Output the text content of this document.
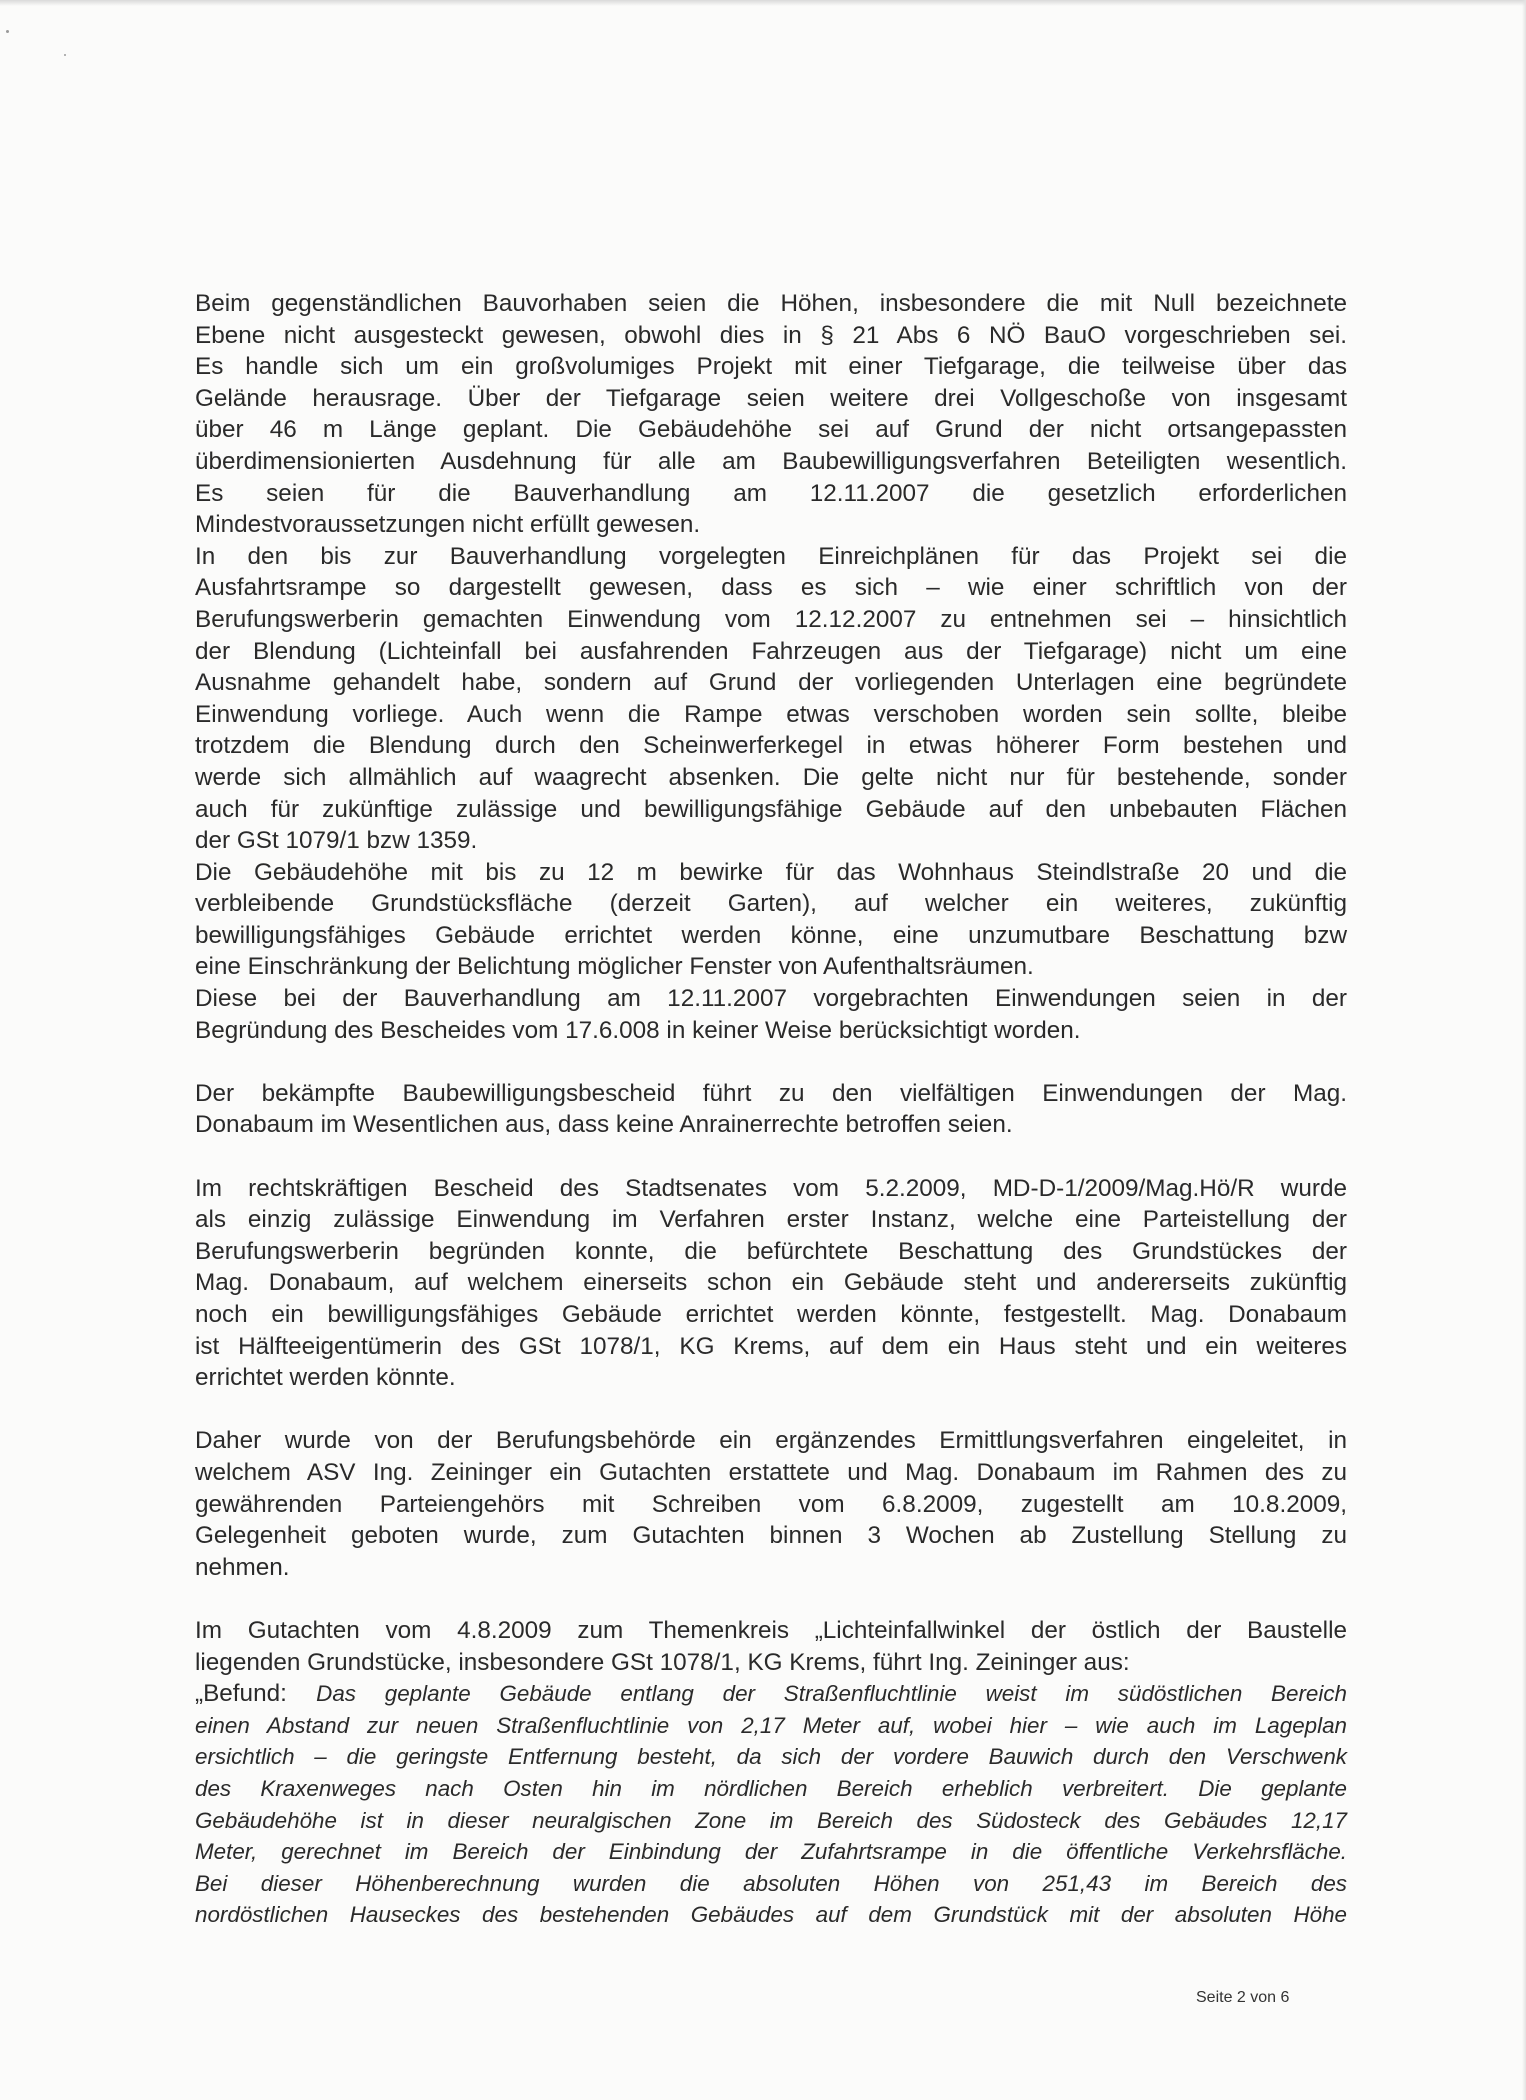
Beim gegenständlichen Bauvorhaben seien die Höhen, insbesondere die mit Null bezeichnete
Ebene nicht ausgesteckt gewesen, obwohl dies in § 21 Abs 6 NÖ BauO vorgeschrieben sei.
Es handle sich um ein großvolumiges Projekt mit einer Tiefgarage, die teilweise über das
Gelände herausrage. Über der Tiefgarage seien weitere drei Vollgeschoße von insgesamt
über 46 m Länge geplant. Die Gebäudehöhe sei auf Grund der nicht ortsangepassten
überdimensionierten Ausdehnung für alle am Baubewilligungsverfahren Beteiligten wesentlich.
Es seien für die Bauverhandlung am 12.11.2007 die gesetzlich erforderlichen
Mindestvoraussetzungen nicht erfüllt gewesen.
In den bis zur Bauverhandlung vorgelegten Einreichplänen für das Projekt sei die
Ausfahrtsrampe so dargestellt gewesen, dass es sich – wie einer schriftlich von der
Berufungswerberin gemachten Einwendung vom 12.12.2007 zu entnehmen sei – hinsichtlich
der Blendung (Lichteinfall bei ausfahrenden Fahrzeugen aus der Tiefgarage) nicht um eine
Ausnahme gehandelt habe, sondern auf Grund der vorliegenden Unterlagen eine begründete
Einwendung vorliege. Auch wenn die Rampe etwas verschoben worden sein sollte, bleibe
trotzdem die Blendung durch den Scheinwerferkegel in etwas höherer Form bestehen und
werde sich allmählich auf waagrecht absenken. Die gelte nicht nur für bestehende, sonder
auch für zukünftige zulässige und bewilligungsfähige Gebäude auf den unbebauten Flächen
der GSt 1079/1 bzw 1359.
Die Gebäudehöhe mit bis zu 12 m bewirke für das Wohnhaus Steindlstraße 20 und die
verbleibende Grundstücksfläche (derzeit Garten), auf welcher ein weiteres, zukünftig
bewilligungsfähiges Gebäude errichtet werden könne, eine unzumutbare Beschattung bzw
eine Einschränkung der Belichtung möglicher Fenster von Aufenthaltsräumen.
Diese bei der Bauverhandlung am 12.11.2007 vorgebrachten Einwendungen seien in der
Begründung des Bescheides vom 17.6.008 in keiner Weise berücksichtigt worden.
Der bekämpfte Baubewilligungsbescheid führt zu den vielfältigen Einwendungen der Mag.
Donabaum im Wesentlichen aus, dass keine Anrainerrechte betroffen seien.
Im rechtskräftigen Bescheid des Stadtsenates vom 5.2.2009, MD-D-1/2009/Mag.Hö/R wurde
als einzig zulässige Einwendung im Verfahren erster Instanz, welche eine Parteistellung der
Berufungswerberin begründen konnte, die befürchtete Beschattung des Grundstückes der
Mag. Donabaum, auf welchem einerseits schon ein Gebäude steht und andererseits zukünftig
noch ein bewilligungsfähiges Gebäude errichtet werden könnte, festgestellt. Mag. Donabaum
ist Hälfteeigentümerin des GSt 1078/1, KG Krems, auf dem ein Haus steht und ein weiteres
errichtet werden könnte.
Daher wurde von der Berufungsbehörde ein ergänzendes Ermittlungsverfahren eingeleitet, in
welchem ASV Ing. Zeininger ein Gutachten erstattete und Mag. Donabaum im Rahmen des zu
gewährenden Parteiengehörs mit Schreiben vom 6.8.2009, zugestellt am 10.8.2009,
Gelegenheit geboten wurde, zum Gutachten binnen 3 Wochen ab Zustellung Stellung zu
nehmen.
Im Gutachten vom 4.8.2009 zum Themenkreis „Lichteinfallwinkel der östlich der Baustelle
liegenden Grundstücke, insbesondere GSt 1078/1, KG Krems, führt Ing. Zeininger aus:
„Befund: Das geplante Gebäude entlang der Straßenfluchtlinie weist im südöstlichen Bereich
einen Abstand zur neuen Straßenfluchtlinie von 2,17 Meter auf, wobei hier – wie auch im Lageplan
ersichtlich – die geringste Entfernung besteht, da sich der vordere Bauwich durch den Verschwenk
des Kraxenweges nach Osten hin im nördlichen Bereich erheblich verbreitert. Die geplante
Gebäudehöhe ist in dieser neuralgischen Zone im Bereich des Südosteck des Gebäudes 12,17
Meter, gerechnet im Bereich der Einbindung der Zufahrtsrampe in die öffentliche Verkehrsfläche.
Bei dieser Höhenberechnung wurden die absoluten Höhen von 251,43 im Bereich des
nordöstlichen Hauseckes des bestehenden Gebäudes auf dem Grundstück mit der absoluten Höhe
Seite 2 von 6
